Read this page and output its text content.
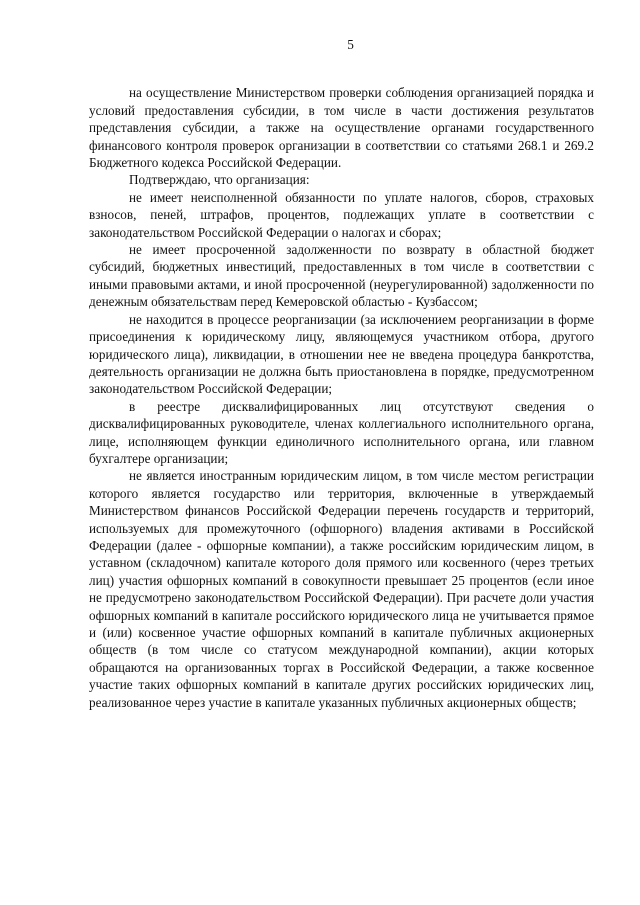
5

на осуществление Министерством проверки соблюдения организацией порядка и условий предоставления субсидии, в том числе в части достижения результатов представления субсидии, а также на осуществление органами государственного финансового контроля проверок организации в соответствии со статьями 268.1 и 269.2 Бюджетного кодекса Российской Федерации.

Подтверждаю, что организация:

не имеет неисполненной обязанности по уплате налогов, сборов, страховых взносов, пеней, штрафов, процентов, подлежащих уплате в соответствии с законодательством Российской Федерации о налогах и сборах;

не имеет просроченной задолженности по возврату в областной бюджет субсидий, бюджетных инвестиций, предоставленных в том числе в соответствии с иными правовыми актами, и иной просроченной (неурегулированной) задолженности по денежным обязательствам перед Кемеровской областью - Кузбассом;

не находится в процессе реорганизации (за исключением реорганизации в форме присоединения к юридическому лицу, являющемуся участником отбора, другого юридического лица), ликвидации, в отношении нее не введена процедура банкротства, деятельность организации не должна быть приостановлена в порядке, предусмотренном законодательством Российской Федерации;

в реестре дисквалифицированных лиц отсутствуют сведения о дисквалифицированных руководителе, членах коллегиального исполнительного органа, лице, исполняющем функции единоличного исполнительного органа, или главном бухгалтере организации;

не является иностранным юридическим лицом, в том числе местом регистрации которого является государство или территория, включенные в утверждаемый Министерством финансов Российской Федерации перечень государств и территорий, используемых для промежуточного (офшорного) владения активами в Российской Федерации (далее - офшорные компании), а также российским юридическим лицом, в уставном (складочном) капитале которого доля прямого или косвенного (через третьих лиц) участия офшорных компаний в совокупности превышает 25 процентов (если иное не предусмотрено законодательством Российской Федерации). При расчете доли участия офшорных компаний в капитале российского юридического лица не учитывается прямое и (или) косвенное участие офшорных компаний в капитале публичных акционерных обществ (в том числе со статусом международной компании), акции которых обращаются на организованных торгах в Российской Федерации, а также косвенное участие таких офшорных компаний в капитале других российских юридических лиц, реализованное через участие в капитале указанных публичных акционерных обществ;
